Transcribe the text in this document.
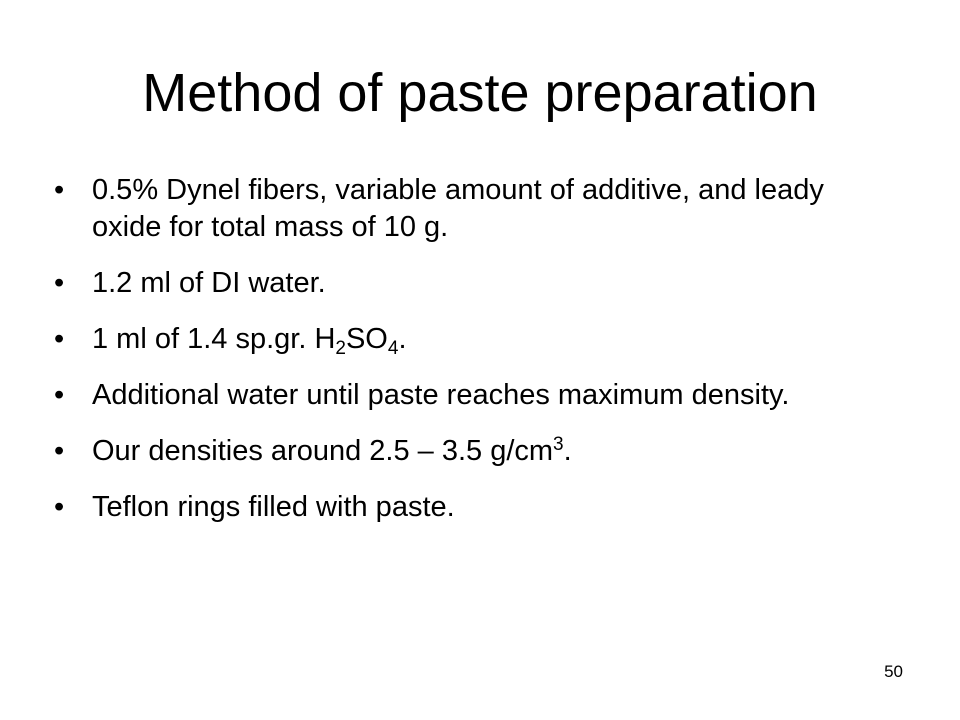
Method of paste preparation
• 0.5% Dynel fibers, variable amount of additive, and leady oxide for total mass of 10 g.
• 1.2 ml of DI water.
• 1 ml of 1.4 sp.gr. $H_2SO_4$.
• Additional water until paste reaches maximum density.
• Our densities around 2.5 – 3.5 $g/cm^3$.
• Teflon rings filled with paste.
50
